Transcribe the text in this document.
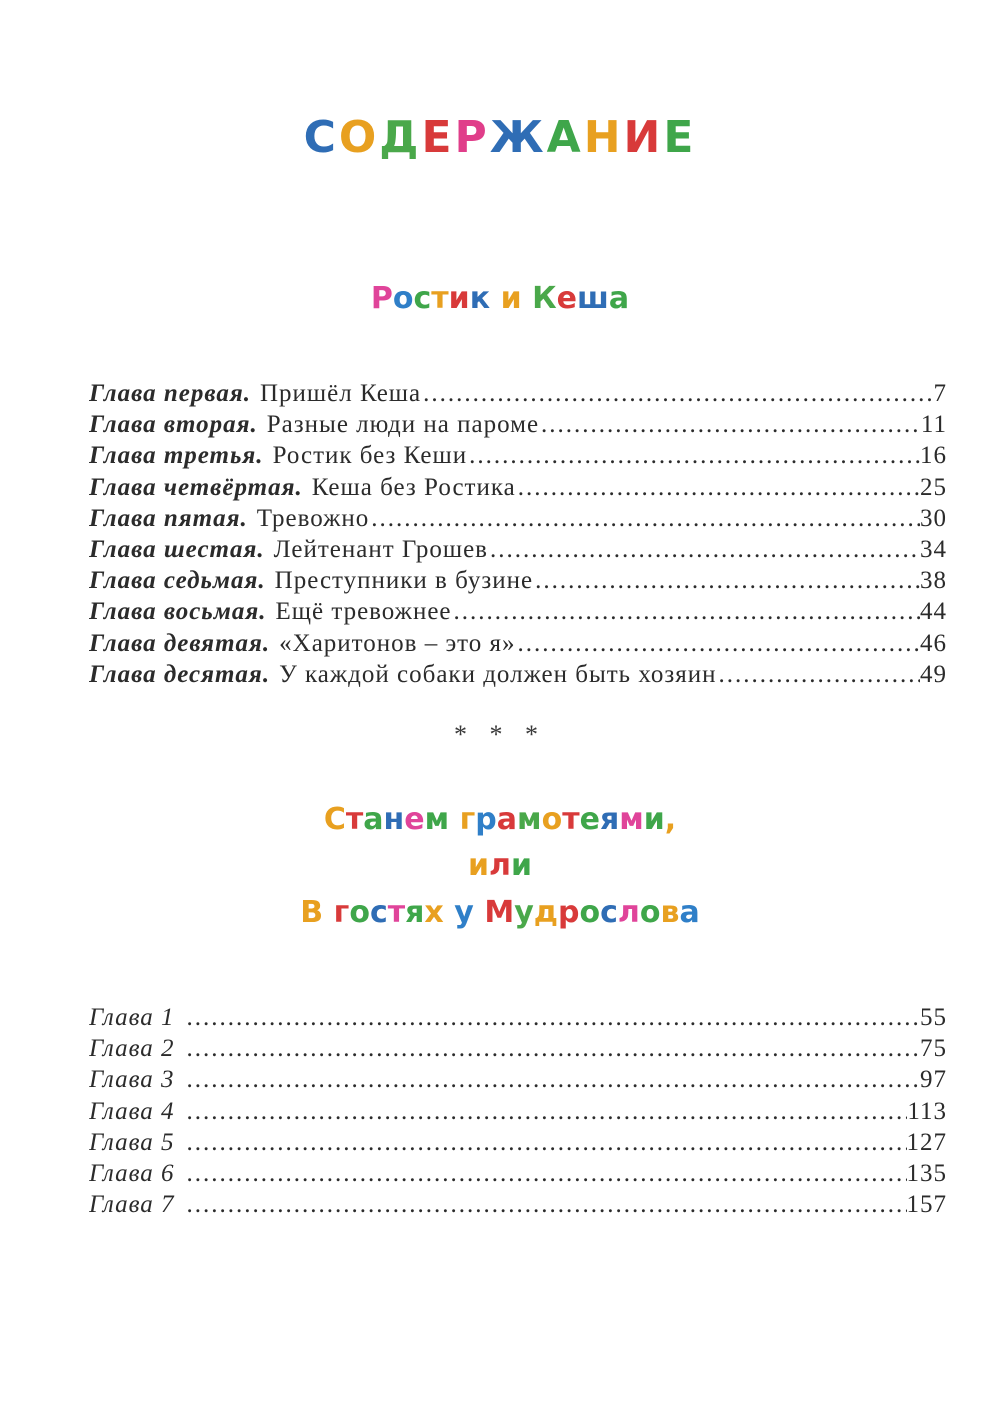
СОДЕРЖАНИЕ
Ростик и Кеша
Глава первая. Пришёл Кеша .....	7
Глава вторая. Разные люди на пароме .....	11
Глава третья. Ростик без Кеши .....	16
Глава четвёртая. Кеша без Ростика .....	25
Глава пятая. Тревожно .....	30
Глава шестая. Лейтенант Грошев .....	34
Глава седьмая. Преступники в бузине .....	38
Глава восьмая. Ещё тревожнее .....	44
Глава девятая. «Харитонов – это я» .....	46
Глава десятая. У каждой собаки должен быть хозяин .....	49
* * *
Станем грамотеями,
или
В гостях у Мудрослова
Глава 1 .....	55
Глава 2 .....	75
Глава 3 .....	97
Глава 4 .....	113
Глава 5 .....	127
Глава 6 .....	135
Глава 7 .....	157
